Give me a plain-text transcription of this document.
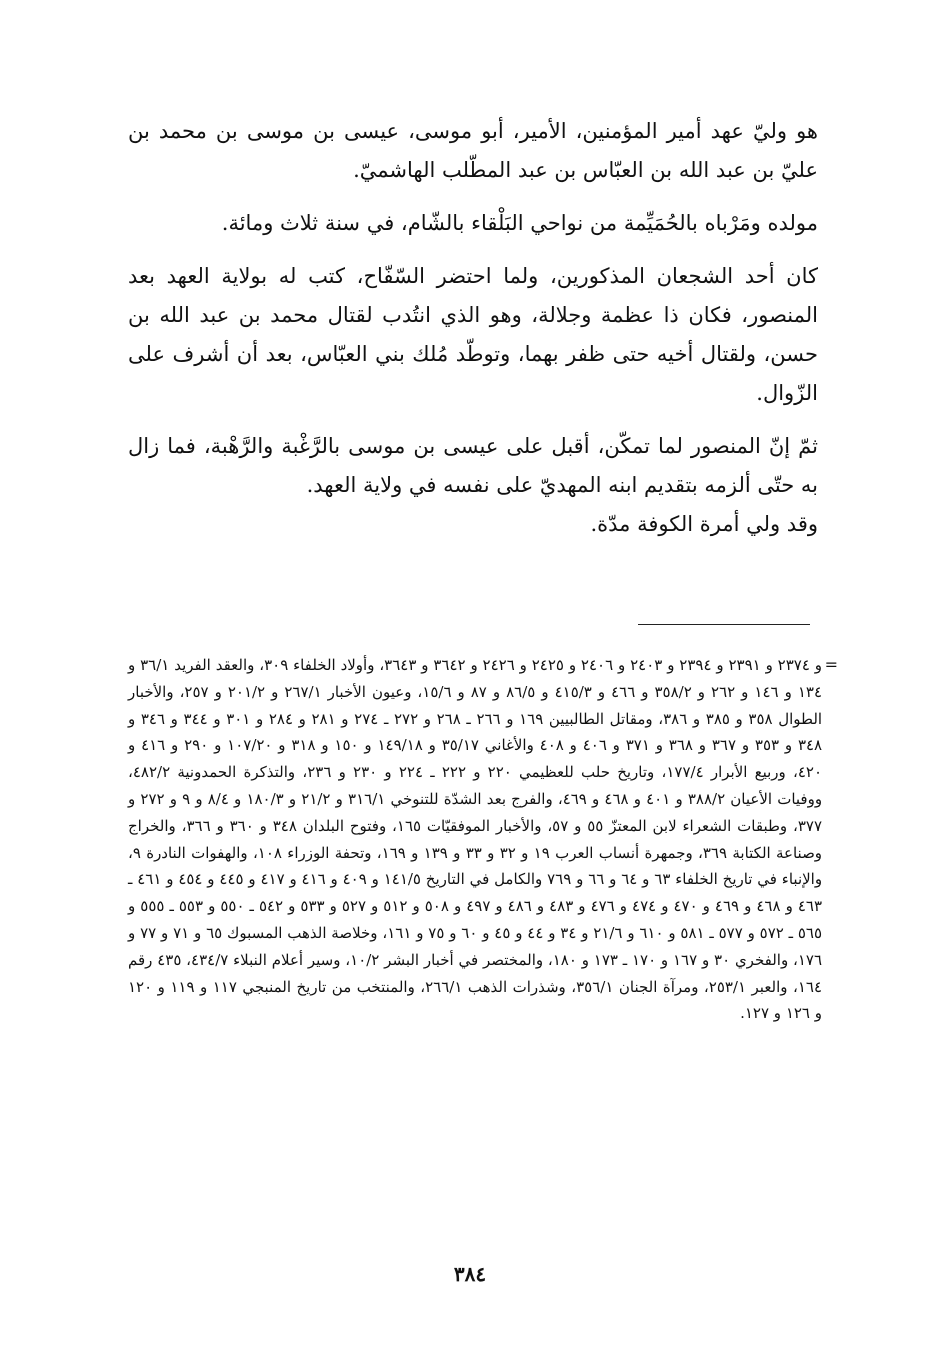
هو وليّ عهد أمير المؤمنين، الأمير، أبو موسى، عيسى بن موسى بن محمد بن عليّ بن عبد الله بن العبّاس بن عبد المطّلب الهاشميّ.

مولده ومَرْباه بالحُمَيِّمة من نواحي البَلْقاء بالشّام، في سنة ثلاث ومائة.

كان أحد الشجعان المذكورين، ولما احتضر السّفّاح، كتب له بولاية العهد بعد المنصور، فكان ذا عظمة وجلالة، وهو الذي انتُدب لقتال محمد بن عبد الله بن حسن، ولقتال أخيه حتى ظفر بهما، وتوطّد مُلك بني العبّاس، بعد أن أشرف على الزّوال.

ثمّ إنّ المنصور لما تمكّن، أقبل على عيسى بن موسى بالرَّغْبة والرَّهْبة، فما زال به حتّى ألزمه بتقديم ابنه المهديّ على نفسه في ولاية العهد.

وقد ولي أمرة الكوفة مدّة.

=
و ٢٣٧٤ و ٢٣٩١ و ٢٣٩٤ و ٢٤٠٣ و ٢٤٠٦ و ٢٤٢٥ و ٢٤٢٦ و ٣٦٤٢ و ٣٦٤٣، وأولاد الخلفاء ٣٠٩، والعقد الفريد ٣٦/١ و ١٣٤ و ١٤٦ و ٢٦٢ و ٣٥٨/٢ و ٤٦٦ و ٤١٥/٣ و ٨٦/٥ و ٨٧ و ١٥/٦، وعيون الأخبار ٢٦٧/١ و ٢٠١/٢ و ٢٥٧، والأخبار الطوال ٣٥٨ و ٣٨٥ و ٣٨٦، ومقاتل الطالبيين ١٦٩ و ٢٦٦ ـ ٢٦٨ و ٢٧٢ ـ ٢٧٤ و ٢٨١ و ٢٨٤ و ٣٠١ و ٣٤٤ و ٣٤٦ و ٣٤٨ و ٣٥٣ و ٣٦٧ و ٣٦٨ و ٣٧١ و ٤٠٦ و ٤٠٨ والأغاني ٣٥/١٧ و ١٤٩/١٨ و ١٥٠ و ٣١٨ و ١٠٧/٢٠ و ٢٩٠ و ٤١٦ و ٤٢٠، وربيع الأبرار ١٧٧/٤، وتاريخ حلب للعظيمي ٢٢٠ و ٢٢٢ ـ ٢٢٤ و ٢٣٠ و ٢٣٦، والتذكرة الحمدونية ٤٨٢/٢، ووفيات الأعيان ٣٨٨/٢ و ٤٠١ و ٤٦٨ و ٤٦٩، والفرج بعد الشدّة للتنوخي ٣١٦/١ و ٢١/٢ و ١٨٠/٣ و ٨/٤ و ٩ و ٢٧٢ و ٣٧٧، وطبقات الشعراء لابن المعتزّ ٥٥ و ٥٧، والأخبار الموفقيّات ١٦٥، وفتوح البلدان ٣٤٨ و ٣٦٠ و ٣٦٦، والخراج وصناعة الكتابة ٣٦٩، وجمهرة أنساب العرب ١٩ و ٣٢ و ٣٣ و ١٣٩ و ١٦٩، وتحفة الوزراء ١٠٨، والهفوات النادرة ٩، والإنباء في تاريخ الخلفاء ٦٣ و ٦٤ و ٦٦ و ٧٦٩ والكامل في التاريخ ١٤١/٥ و ٤٠٩ و ٤١٦ و ٤١٧ و ٤٤٥ و ٤٥٤ و ٤٦١ ـ ٤٦٣ و ٤٦٨ و ٤٦٩ و ٤٧٠ و ٤٧٤ و ٤٧٦ و ٤٨٣ و ٤٨٦ و ٤٩٧ و ٥٠٨ و ٥١٢ و ٥٢٧ و ٥٣٣ و ٥٤٢ ـ ٥٥٠ و ٥٥٣ ـ ٥٥٥ و ٥٦٥ ـ ٥٧٢ و ٥٧٧ ـ ٥٨١ و ٦١٠ و ٢١/٦ و ٣٤ و ٤٤ و ٤٥ و ٦٠ و ٧٥ و ١٦١، وخلاصة الذهب المسبوك ٦٥ و ٧١ و ٧٧ و ١٧٦، والفخري ٣٠ و ١٦٧ و ١٧٠ ـ ١٧٣ و ١٨٠، والمختصر في أخبار البشر ١٠/٢، وسير أعلام النبلاء ٤٣٤/٧، ٤٣٥ رقم ١٦٤، والعبر ٢٥٣/١، ومرآة الجنان ٣٥٦/١، وشذرات الذهب ٢٦٦/١، والمنتخب من تاريخ المنبجي ١١٧ و ١١٩ و ١٢٠ و ١٢٦ و ١٢٧.
٣٨٤
